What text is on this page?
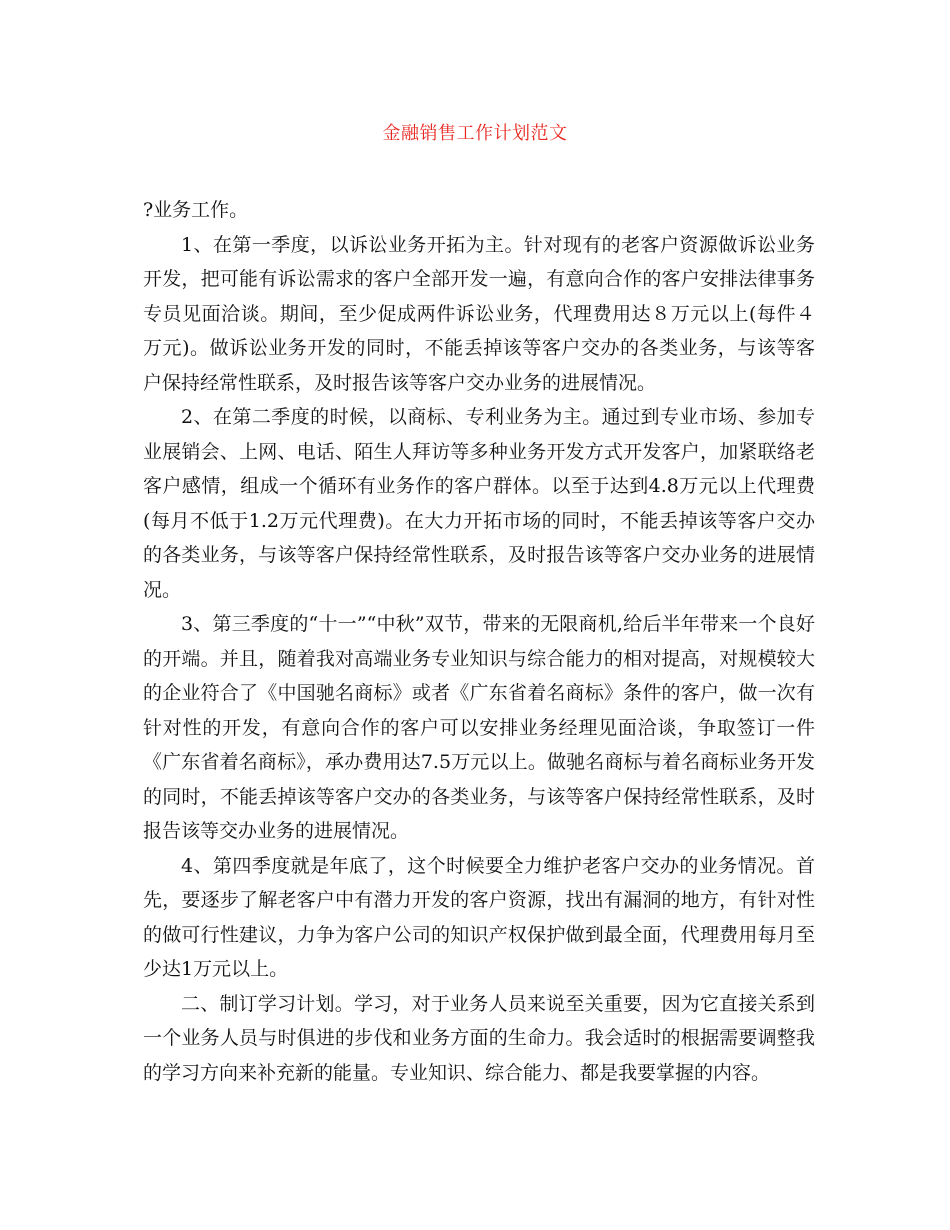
金融销售工作计划范文

?业务工作。

1、在第一季度，以诉讼业务开拓为主。针对现有的老客户资源做诉讼业务开发，把可能有诉讼需求的客户全部开发一遍，有意向合作的客户安排法律事务专员见面洽谈。期间，至少促成两件诉讼业务，代理费用达８万元以上(每件４万元)。做诉讼业务开发的同时，不能丢掉该等客户交办的各类业务，与该等客户保持经常性联系，及时报告该等客户交办业务的进展情况。

2、在第二季度的时候，以商标、专利业务为主。通过到专业市场、参加专业展销会、上网、电话、陌生人拜访等多种业务开发方式开发客户，加紧联络老客户感情，组成一个循环有业务作的客户群体。以至于达到4.8万元以上代理费(每月不低于1.2万元代理费)。在大力开拓市场的同时，不能丢掉该等客户交办的各类业务，与该等客户保持经常性联系，及时报告该等客户交办业务的进展情况。

3、第三季度的“十一”“中秋”双节，带来的无限商机,给后半年带来一个良好的开端。并且，随着我对高端业务专业知识与综合能力的相对提高，对规模较大的企业符合了《中国驰名商标》或者《广东省着名商标》条件的客户，做一次有针对性的开发，有意向合作的客户可以安排业务经理见面洽谈，争取签订一件《广东省着名商标》，承办费用达7.5万元以上。做驰名商标与着名商标业务开发的同时，不能丢掉该等客户交办的各类业务，与该等客户保持经常性联系，及时报告该等交办业务的进展情况。

4、第四季度就是年底了，这个时候要全力维护老客户交办的业务情况。首先，要逐步了解老客户中有潜力开发的客户资源，找出有漏洞的地方，有针对性的做可行性建议，力争为客户公司的知识产权保护做到最全面，代理费用每月至少达1万元以上。

二、制订学习计划。学习，对于业务人员来说至关重要，因为它直接关系到一个业务人员与时俱进的步伐和业务方面的生命力。我会适时的根据需要调整我的学习方向来补充新的能量。专业知识、综合能力、都是我要掌握的内容。
